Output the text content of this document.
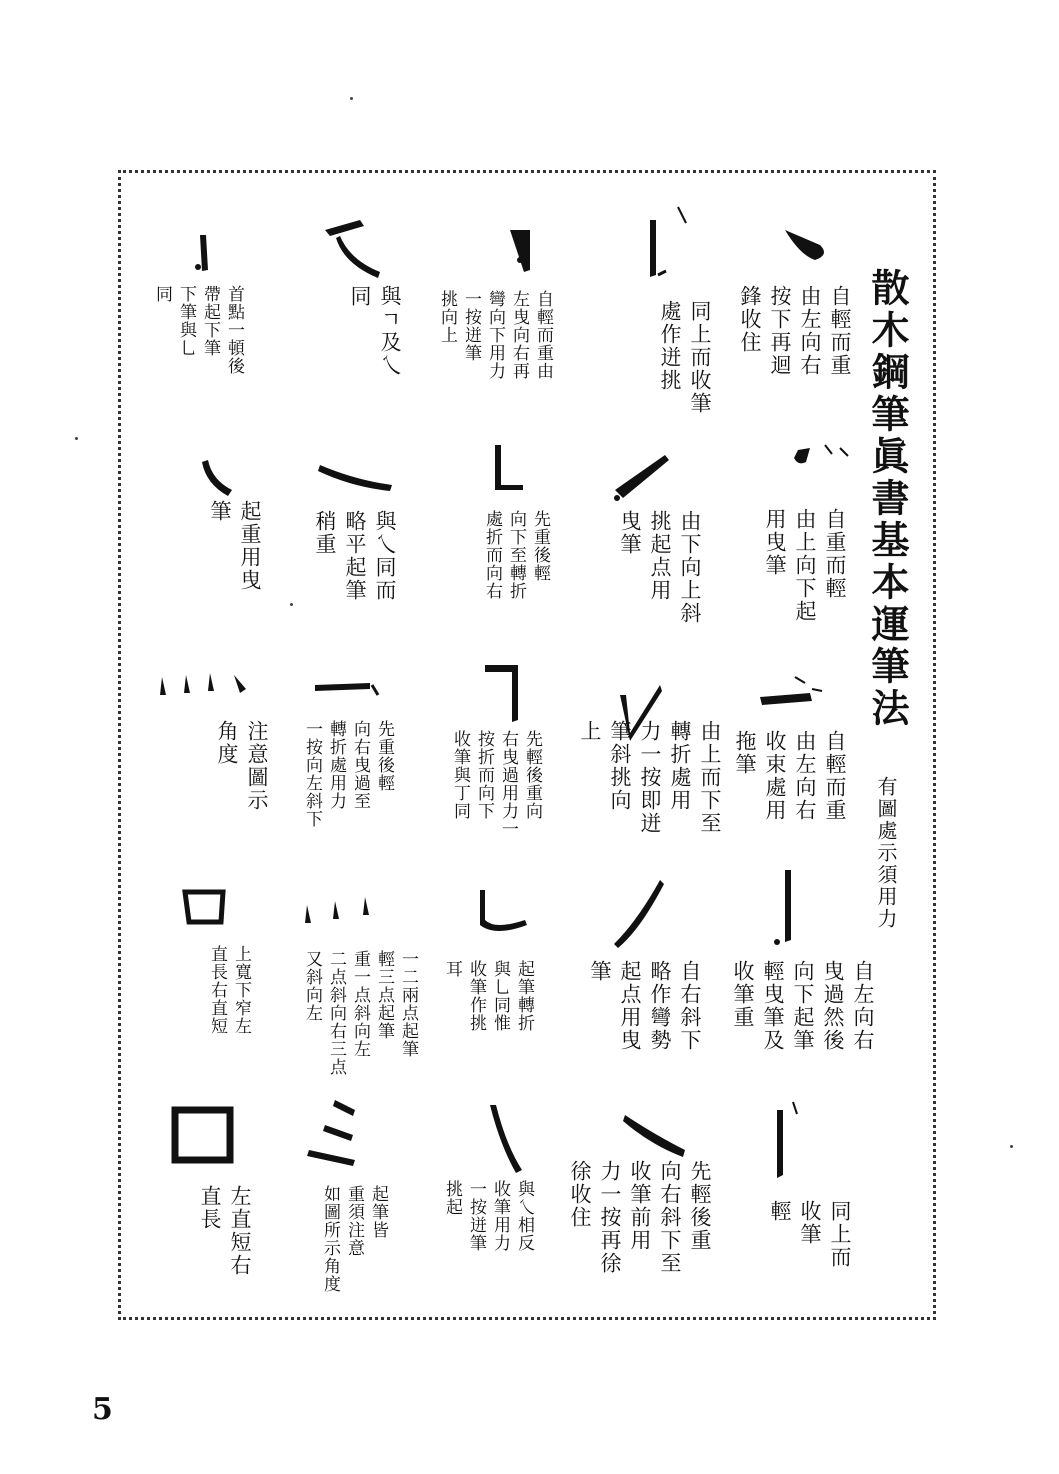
散木鋼筆眞書基本運筆法
有圖處示須用力
自輕而重
由左向右
按下再迴
鋒收住
自重而輕
由上向下起
用曳筆
自輕而重
由左向右
收束處用
拖筆
自左向右
曳過然後
向下起筆
輕曳筆及
收筆重
同上而
收筆
輕
同上而收筆
處作迸挑
由下向上斜
挑起点用
曳筆
由上而下至
轉折處用
力一按即迸
筆斜挑向
上
自右斜下
略作彎勢
起点用曳
筆
先輕後重
向右斜下至
收筆前用
力一按再徐
徐收住
自輕而重由
左曳向右再
彎向下用力
一按迸筆
挑向上
先重後輕
向下至轉折
處折而向右
先輕後重向
右曳過用力一
按折而向下
收筆與丁同
起筆轉折
與乚同惟
收筆作挑
耳
與乀相反
收筆用力
一按迸筆
挑起
與ㄱ及乀
同
與乀同而
略平起筆
稍重
先重後輕
向右曳過至
轉折處用力
一按向左斜下
一二兩点起筆
輕三点起筆
重一点斜向左
二点斜向右三点
又斜向左
起筆皆
重須注意
如圖所示角度
首點一頓後
帶起下筆
下筆與乚
同
起重用曳
筆
注意圖示
角度
上寬下窄左
直長右直短
左直短右
直長
5
